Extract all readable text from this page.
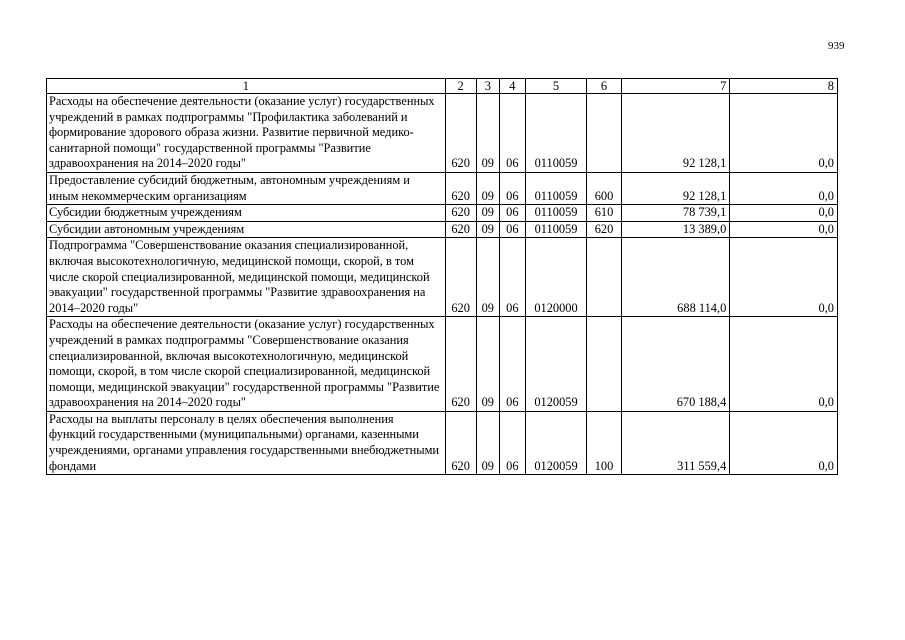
939
1	2	3	4	5	6	7	8
Расходы на обеспечение деятельности (оказание услуг) государственных учреждений в рамках подпрограммы "Профилактика заболеваний и формирование здорового образа жизни. Развитие первичной медико-санитарной помощи" государственной программы "Развитие здравоохранения на 2014–2020 годы"	620	09	06	0110059		92 128,1	0,0
Предоставление субсидий бюджетным, автономным учреждениям и иным некоммерческим организациям	620	09	06	0110059	600	92 128,1	0,0
Субсидии бюджетным учреждениям	620	09	06	0110059	610	78 739,1	0,0
Субсидии автономным учреждениям	620	09	06	0110059	620	13 389,0	0,0
Подпрограмма "Совершенствование оказания специализированной, включая высокотехнологичную, медицинской помощи, скорой, в том числе скорой специализированной, медицинской помощи, медицинской эвакуации" государственной программы "Развитие здравоохранения на 2014–2020 годы"	620	09	06	0120000		688 114,0	0,0
Расходы на обеспечение деятельности (оказание услуг) государственных учреждений в рамках подпрограммы "Совершенствование оказания специализированной, включая высокотехнологичную, медицинской помощи, скорой, в том числе скорой специализированной, медицинской помощи, медицинской эвакуации" государственной программы "Развитие здравоохранения на 2014–2020 годы"	620	09	06	0120059		670 188,4	0,0
Расходы на выплаты персоналу в целях обеспечения выполнения функций государственными (муниципальными) органами, казенными учреждениями, органами управления государственными внебюджетными фондами	620	09	06	0120059	100	311 559,4	0,0
